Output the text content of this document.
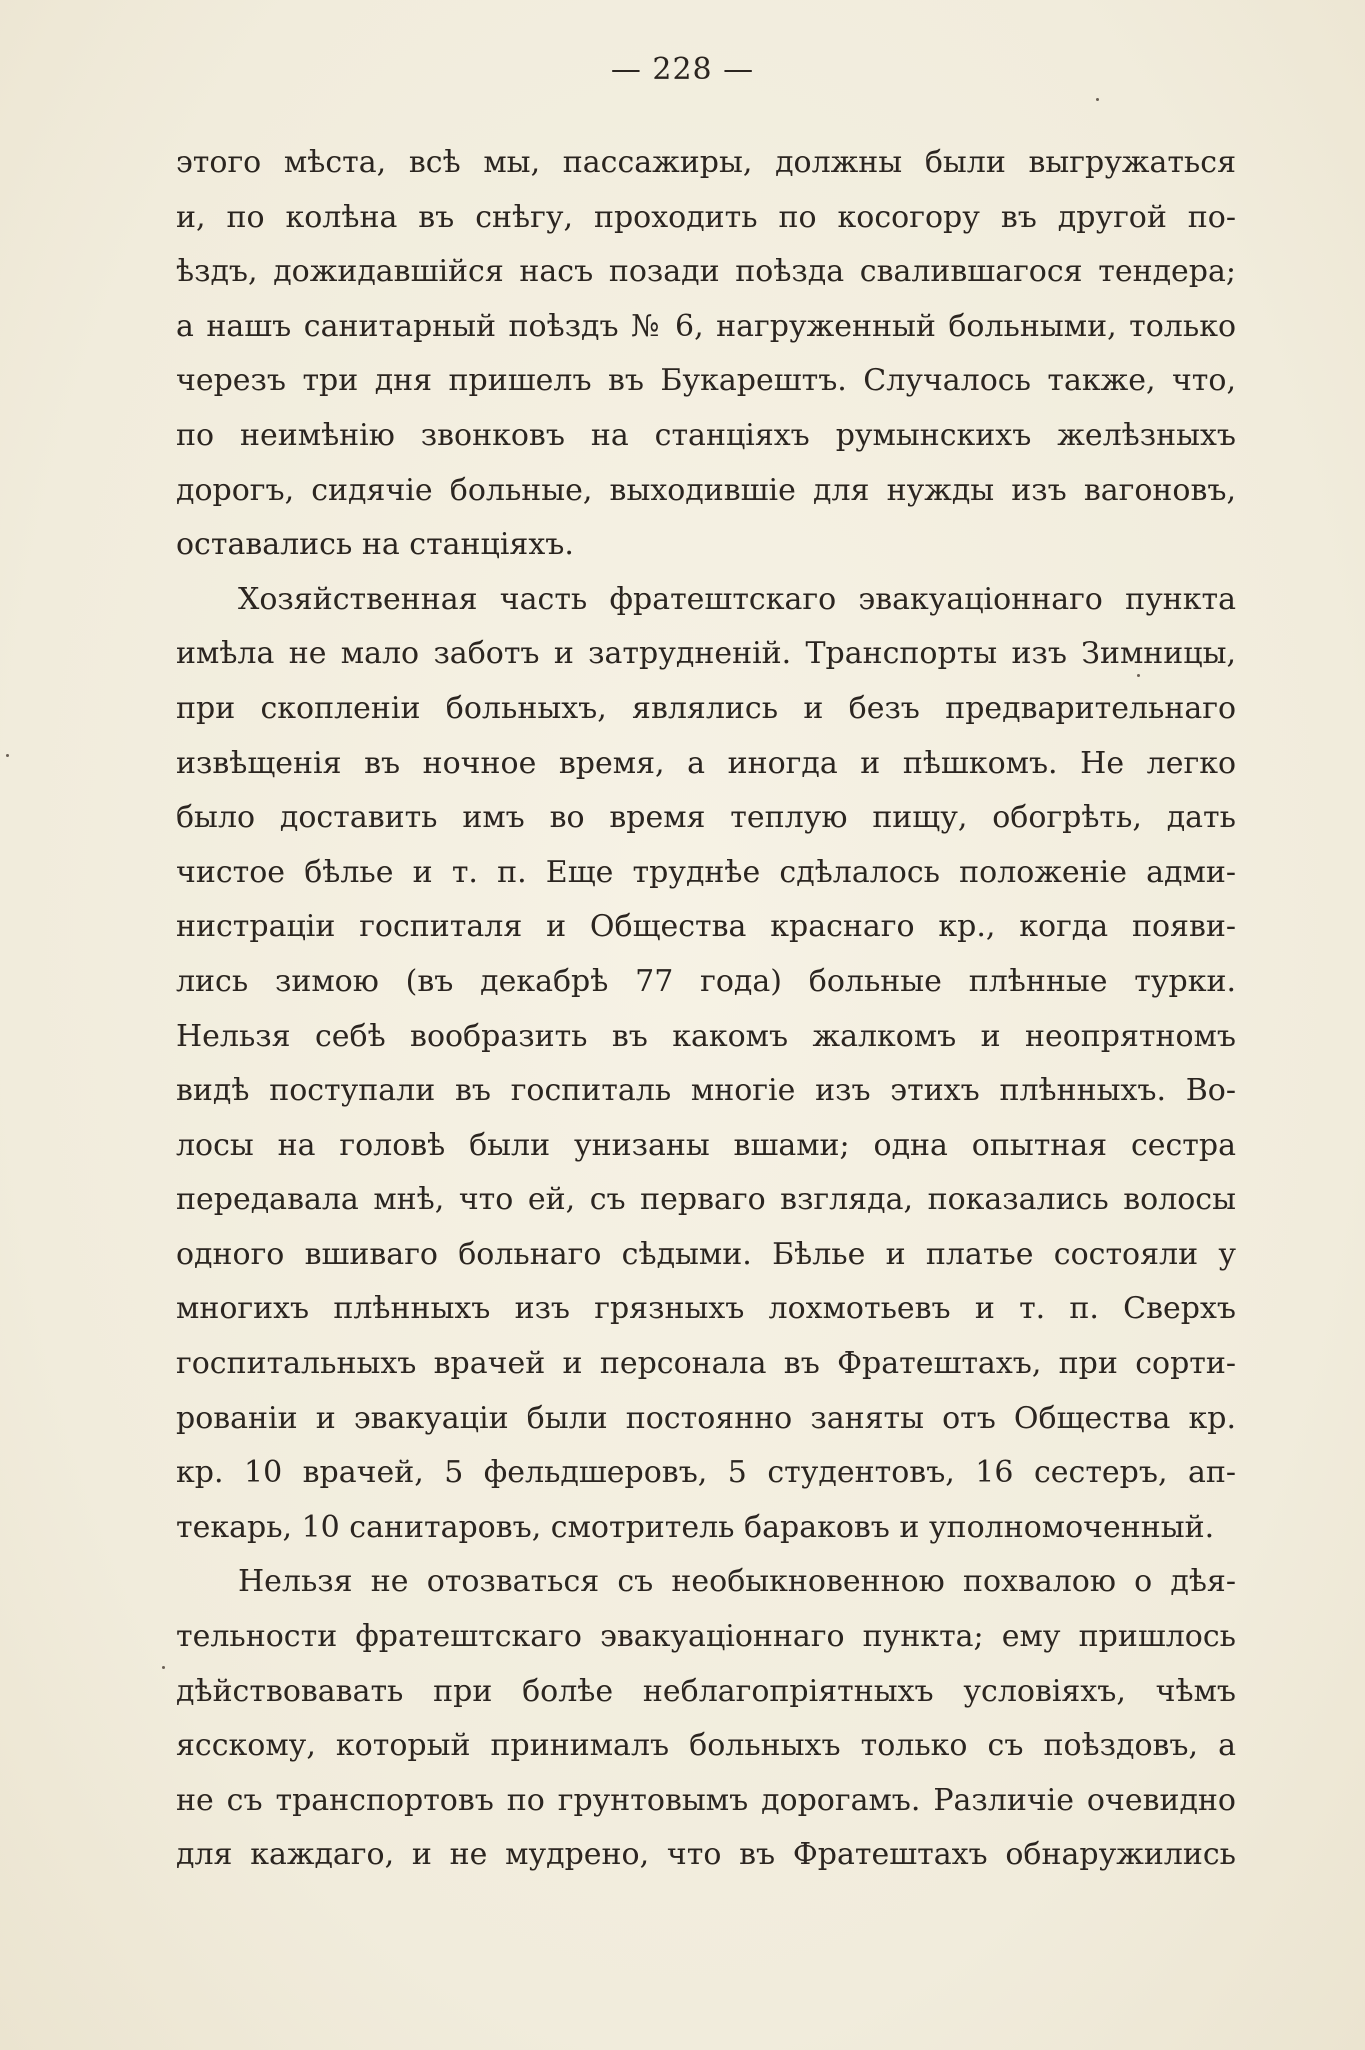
— 228 —
этого мѣста, всѣ мы, пассажиры, должны были выгружаться
и, по колѣна въ снѣгу, проходить по косогору въ другой по-
ѣздъ, дожидавшійся насъ позади поѣзда свалившагося тендера;
а нашъ санитарный поѣздъ № 6, нагруженный больными, только
черезъ три дня пришелъ въ Букарештъ. Случалось также, что,
по неимѣнію звонковъ на станціяхъ румынскихъ желѣзныхъ
дорогъ, сидячіе больные, выходившіе для нужды изъ вагоновъ,
оставались на станціяхъ.
Хозяйственная часть фратештскаго эвакуаціоннаго пункта
имѣла не мало заботъ и затрудненій. Транспорты изъ Зимницы,
при скопленіи больныхъ, являлись и безъ предварительнаго
извѣщенія въ ночное время, а иногда и пѣшкомъ. Не легко
было доставить имъ во время теплую пищу, обогрѣть, дать
чистое бѣлье и т. п. Еще труднѣе сдѣлалось положеніе адми-
нистраціи госпиталя и Общества краснаго кр., когда появи-
лись зимою (въ декабрѣ 77 года) больные плѣнные турки.
Нельзя себѣ вообразить въ какомъ жалкомъ и неопрятномъ
видѣ поступали въ госпиталь многіе изъ этихъ плѣнныхъ. Во-
лосы на головѣ были унизаны вшами; одна опытная сестра
передавала мнѣ, что ей, съ перваго взгляда, показались волосы
одного вшиваго больнаго сѣдыми. Бѣлье и платье состояли у
многихъ плѣнныхъ изъ грязныхъ лохмотьевъ и т. п. Сверхъ
госпитальныхъ врачей и персонала въ Фратештахъ, при сорти-
рованіи и эвакуаціи были постоянно заняты отъ Общества кр.
кр. 10 врачей, 5 фельдшеровъ, 5 студентовъ, 16 сестеръ, ап-
текарь, 10 санитаровъ, смотритель бараковъ и уполномоченный.
Нельзя не отозваться съ необыкновенною похвалою о дѣя-
тельности фратештскаго эвакуаціоннаго пункта; ему пришлось
дѣйствовавать при болѣе неблагопріятныхъ условіяхъ, чѣмъ
ясскому, который принималъ больныхъ только съ поѣздовъ, а
не съ транспортовъ по грунтовымъ дорогамъ. Различіе очевидно
для каждаго, и не мудрено, что въ Фратештахъ обнаружились
